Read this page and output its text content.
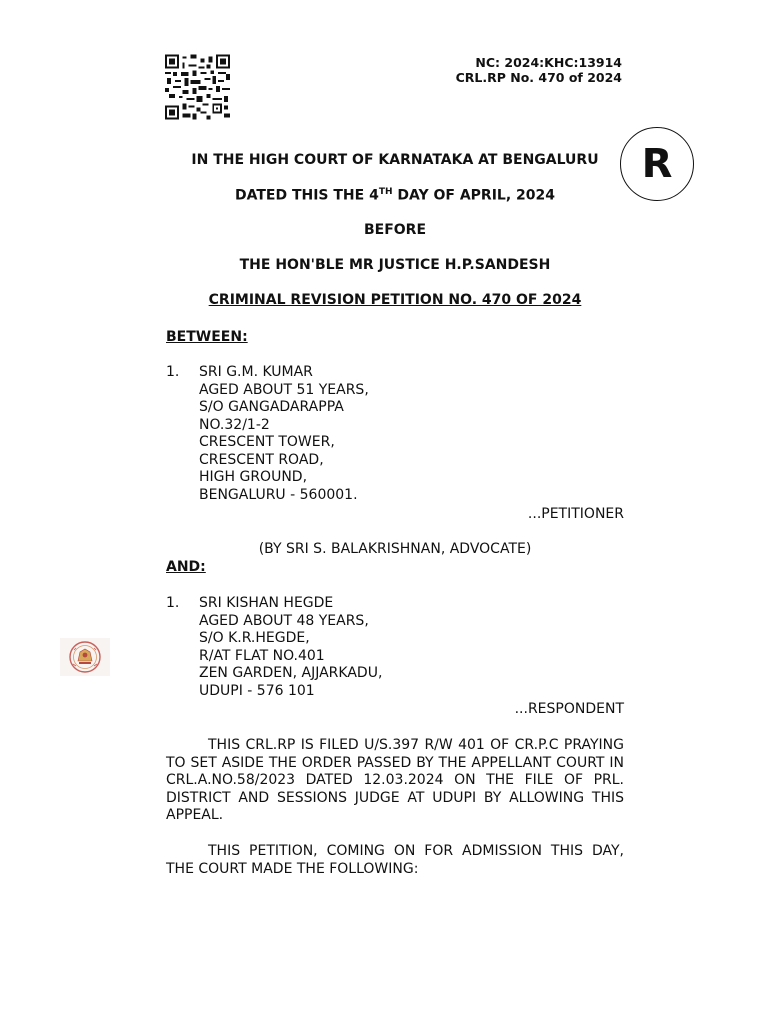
NC: 2024:KHC:13914
CRL.RP No. 470 of 2024
R
IN THE HIGH COURT OF KARNATAKA AT BENGALURU
DATED THIS THE 4TH DAY OF APRIL, 2024
BEFORE
THE HON'BLE MR JUSTICE H.P.SANDESH
CRIMINAL REVISION PETITION NO. 470 OF 2024
BETWEEN:
1. SRI G.M. KUMAR
AGED ABOUT 51 YEARS,
S/O GANGADARAPPA
NO.32/1-2
CRESCENT TOWER,
CRESCENT ROAD,
HIGH GROUND,
BENGALURU - 560001.
...PETITIONER
(BY SRI S. BALAKRISHNAN, ADVOCATE)
AND:
1. SRI KISHAN HEGDE
AGED ABOUT 48 YEARS,
S/O K.R.HEGDE,
R/AT FLAT NO.401
ZEN GARDEN, AJJARKADU,
UDUPI - 576 101
...RESPONDENT
THIS CRL.RP IS FILED U/S.397 R/W 401 OF CR.P.C PRAYING TO SET ASIDE THE ORDER PASSED BY THE APPELLANT COURT IN CRL.A.NO.58/2023 DATED 12.03.2024 ON THE FILE OF PRL. DISTRICT AND SESSIONS JUDGE AT UDUPI BY ALLOWING THIS APPEAL.
THIS PETITION, COMING ON FOR ADMISSION THIS DAY, THE COURT MADE THE FOLLOWING:
